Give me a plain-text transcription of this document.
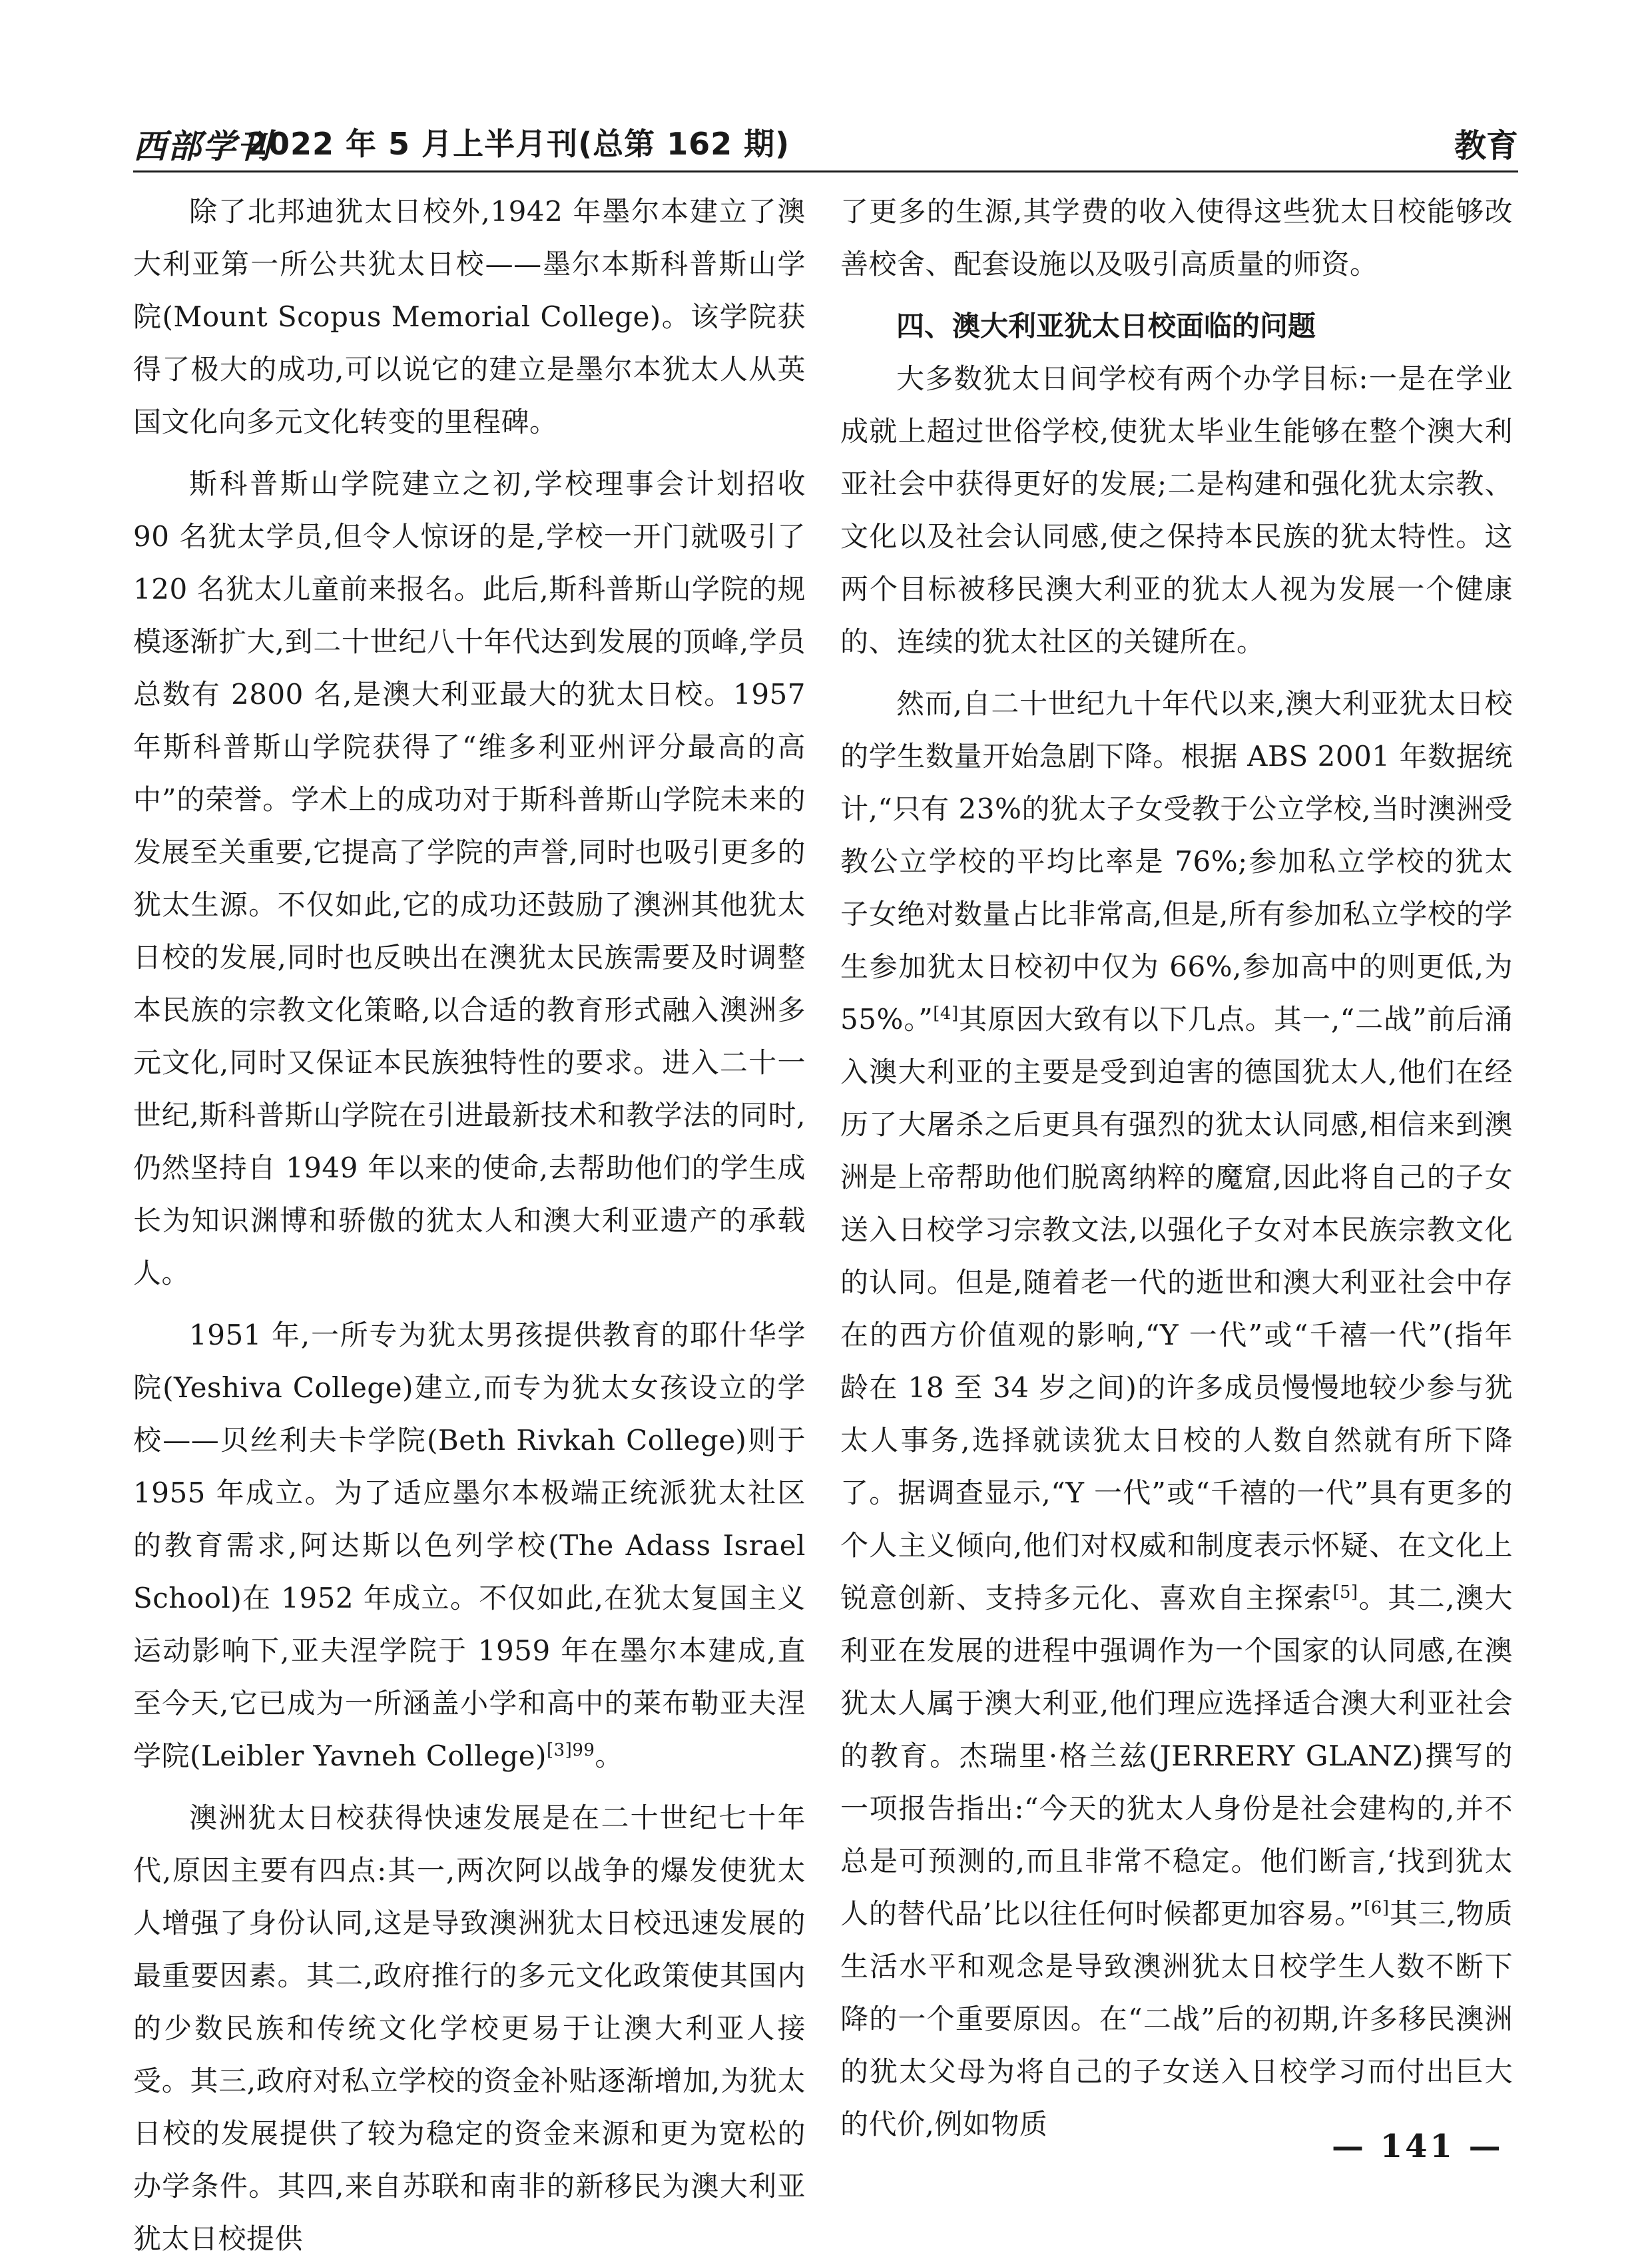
西部学刊
2022 年 5 月上半月刊(总第 162 期)	教育

除了北邦迪犹太日校外,1942 年墨尔本建立了澳大利亚第一所公共犹太日校——墨尔本斯科普斯山学院(Mount Scopus Memorial College)。该学院获得了极大的成功,可以说它的建立是墨尔本犹太人从英国文化向多元文化转变的里程碑。

斯科普斯山学院建立之初,学校理事会计划招收 90 名犹太学员,但令人惊讶的是,学校一开门就吸引了 120 名犹太儿童前来报名。此后,斯科普斯山学院的规模逐渐扩大,到二十世纪八十年代达到发展的顶峰,学员总数有 2800 名,是澳大利亚最大的犹太日校。1957 年斯科普斯山学院获得了“维多利亚州评分最高的高中”的荣誉。学术上的成功对于斯科普斯山学院未来的发展至关重要,它提高了学院的声誉,同时也吸引更多的犹太生源。不仅如此,它的成功还鼓励了澳洲其他犹太日校的发展,同时也反映出在澳犹太民族需要及时调整本民族的宗教文化策略,以合适的教育形式融入澳洲多元文化,同时又保证本民族独特性的要求。进入二十一世纪,斯科普斯山学院在引进最新技术和教学法的同时,仍然坚持自 1949 年以来的使命,去帮助他们的学生成长为知识渊博和骄傲的犹太人和澳大利亚遗产的承载人。

1951 年,一所专为犹太男孩提供教育的耶什华学院(Yeshiva College)建立,而专为犹太女孩设立的学校——贝丝利夫卡学院(Beth Rivkah College)则于 1955 年成立。为了适应墨尔本极端正统派犹太社区的教育需求,阿达斯以色列学校(The Adass Israel School)在 1952 年成立。不仅如此,在犹太复国主义运动影响下,亚夫涅学院于 1959 年在墨尔本建成,直至今天,它已成为一所涵盖小学和高中的莱布勒亚夫涅学院(Leibler Yavneh College)$^{[3]99}$。

澳洲犹太日校获得快速发展是在二十世纪七十年代,原因主要有四点:其一,两次阿以战争的爆发使犹太人增强了身份认同,这是导致澳洲犹太日校迅速发展的最重要因素。其二,政府推行的多元文化政策使其国内的少数民族和传统文化学校更易于让澳大利亚人接受。其三,政府对私立学校的资金补贴逐渐增加,为犹太日校的发展提供了较为稳定的资金来源和更为宽松的办学条件。其四,来自苏联和南非的新移民为澳大利亚犹太日校提供

了更多的生源,其学费的收入使得这些犹太日校能够改善校舍、配套设施以及吸引高质量的师资。

四、澳大利亚犹太日校面临的问题

大多数犹太日间学校有两个办学目标:一是在学业成就上超过世俗学校,使犹太毕业生能够在整个澳大利亚社会中获得更好的发展;二是构建和强化犹太宗教、文化以及社会认同感,使之保持本民族的犹太特性。这两个目标被移民澳大利亚的犹太人视为发展一个健康的、连续的犹太社区的关键所在。

然而,自二十世纪九十年代以来,澳大利亚犹太日校的学生数量开始急剧下降。根据 ABS 2001 年数据统计,“只有 23%的犹太子女受教于公立学校,当时澳洲受教公立学校的平均比率是 76%;参加私立学校的犹太子女绝对数量占比非常高,但是,所有参加私立学校的学生参加犹太日校初中仅为 66%,参加高中的则更低,为 55%。”[4]其原因大致有以下几点。其一,“二战”前后涌入澳大利亚的主要是受到迫害的德国犹太人,他们在经历了大屠杀之后更具有强烈的犹太认同感,相信来到澳洲是上帝帮助他们脱离纳粹的魔窟,因此将自己的子女送入日校学习宗教文法,以强化子女对本民族宗教文化的认同。但是,随着老一代的逝世和澳大利亚社会中存在的西方价值观的影响,“Y 一代”或“千禧一代”(指年龄在 18 至 34 岁之间)的许多成员慢慢地较少参与犹太人事务,选择就读犹太日校的人数自然就有所下降了。据调查显示,“Y 一代”或“千禧的一代”具有更多的个人主义倾向,他们对权威和制度表示怀疑、在文化上锐意创新、支持多元化、喜欢自主探索[5]。其二,澳大利亚在发展的进程中强调作为一个国家的认同感,在澳犹太人属于澳大利亚,他们理应选择适合澳大利亚社会的教育。杰瑞里·格兰兹(JERRERY GLANZ)撰写的一项报告指出:“今天的犹太人身份是社会建构的,并不总是可预测的,而且非常不稳定。他们断言,‘找到犹太人的替代品’比以往任何时候都更加容易。”[6]其三,物质生活水平和观念是导致澳洲犹太日校学生人数不断下降的一个重要原因。在“二战”后的初期,许多移民澳洲的犹太父母为将自己的子女送入日校学习而付出巨大的代价,例如物质

— 141 —
